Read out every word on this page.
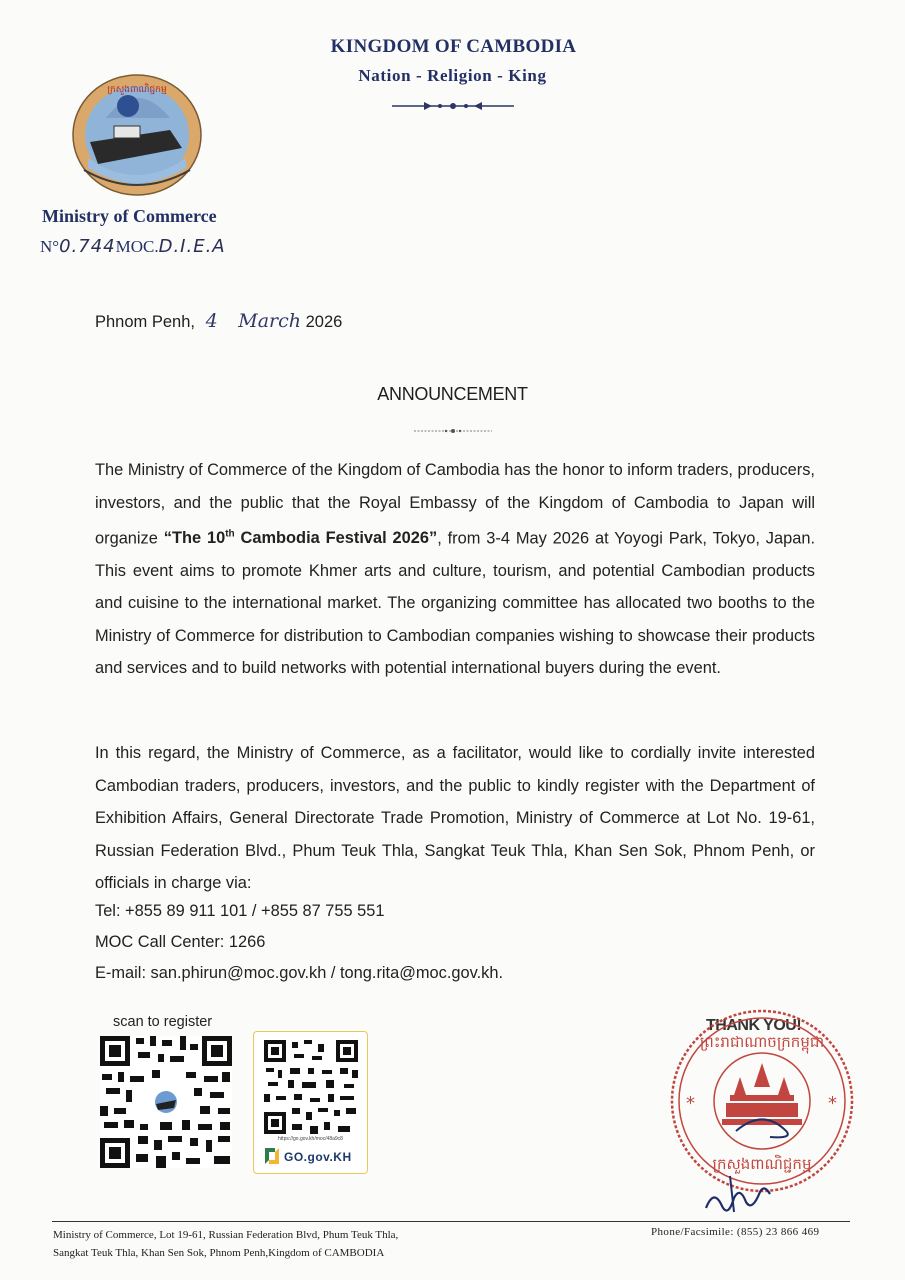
KINGDOM OF CAMBODIA
Nation - Religion - King
ក្រសួងពាណិជ្ជកម្ម
Ministry of Commerce
N°0.744MOC.D.I.E.A
Phnom Penh, 4 March 2026
ANNOUNCEMENT

The Ministry of Commerce of the Kingdom of Cambodia has the honor to inform traders, producers, investors, and the public that the Royal Embassy of the Kingdom of Cambodia to Japan will organize “The 10th Cambodia Festival 2026”, from 3-4 May 2026 at Yoyogi Park, Tokyo, Japan. This event aims to promote Khmer arts and culture, tourism, and potential Cambodian products and cuisine to the international market. The organizing committee has allocated two booths to the Ministry of Commerce for distribution to Cambodian companies wishing to showcase their products and services and to build networks with potential international buyers during the event.

In this regard, the Ministry of Commerce, as a facilitator, would like to cordially invite interested Cambodian traders, producers, investors, and the public to kindly register with the Department of Exhibition Affairs, General Directorate Trade Promotion, Ministry of Commerce at Lot No. 19-61, Russian Federation Blvd., Phum Teuk Thla, Sangkat Teuk Thla, Khan Sen Sok, Phnom Penh, or officials in charge via:

Tel: +855 89 911 101 / +855 87 755 551
MOC Call Center: 1266
E-mail: san.phirun@moc.gov.kh / tong.rita@moc.gov.kh.
scan to register
https://go.gov.kh/moc/48a9c8
GO.gov.KH
THANK YOU!
ព្រះរាជាណាចក្រកម្ពុជា
ក្រសួងពាណិជ្ជកម្ម
*	*
Ministry of Commerce, Lot 19-61, Russian Federation Blvd, Phum Teuk Thla,
Sangkat Teuk Thla, Khan Sen Sok, Phnom Penh,Kingdom of CAMBODIA
Phone/Facsimile: (855) 23 866 469
